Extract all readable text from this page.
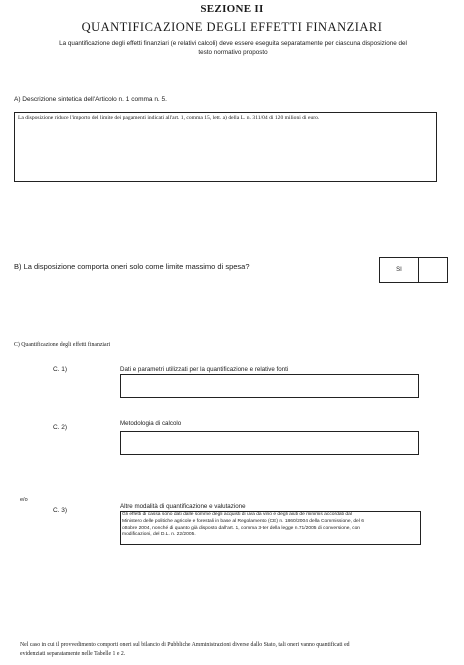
SEZIONE II
QUANTIFICAZIONE DEGLI EFFETTI FINANZIARI
La quantificazione degli effetti finanziari (e relativi calcoli) deve essere eseguita separatamente per ciascuna disposizione del
testo normativo proposto
A) Descrizione sintetica dell'Articolo n. 1 comma n. 5.
La disposizione riduce l'importo del limite dei pagamenti indicati all'art. 1, comma 15, lett. a) della L. n. 311/04 di 120 milioni di euro.
B) La disposizione comporta oneri solo come limite massimo di spesa?	SI
C) Quantificazione degli effetti finanziari
C. 1)	Dati e parametri utilizzati per la quantificazione e relative fonti
C. 2)
Metodologia di calcolo
e/o
C. 3)
Altre modalità di quantificazione e valutazione
Gli effetti di cassa sono dati dalle somme degli acquisti di uva da vino e degli aiuti de minimis accordati dal
Ministero delle politiche agricole e forestali in base al Regolamento (CE) n. 1860/2004 della Commissione, del 6
ottobre 2004, nonché di quanto già disposto dall'art. 1, comma 3-ter della legge n.71/2005 di conversione, con
modificazioni, del D.L. n. 22/2005.
Nel caso in cui il provvedimento comporti oneri sul bilancio di Pubbliche Amministrazioni diverse dallo Stato, tali oneri vanno quantificati ed
evidenziati separatamente nelle Tabelle 1 e 2.
